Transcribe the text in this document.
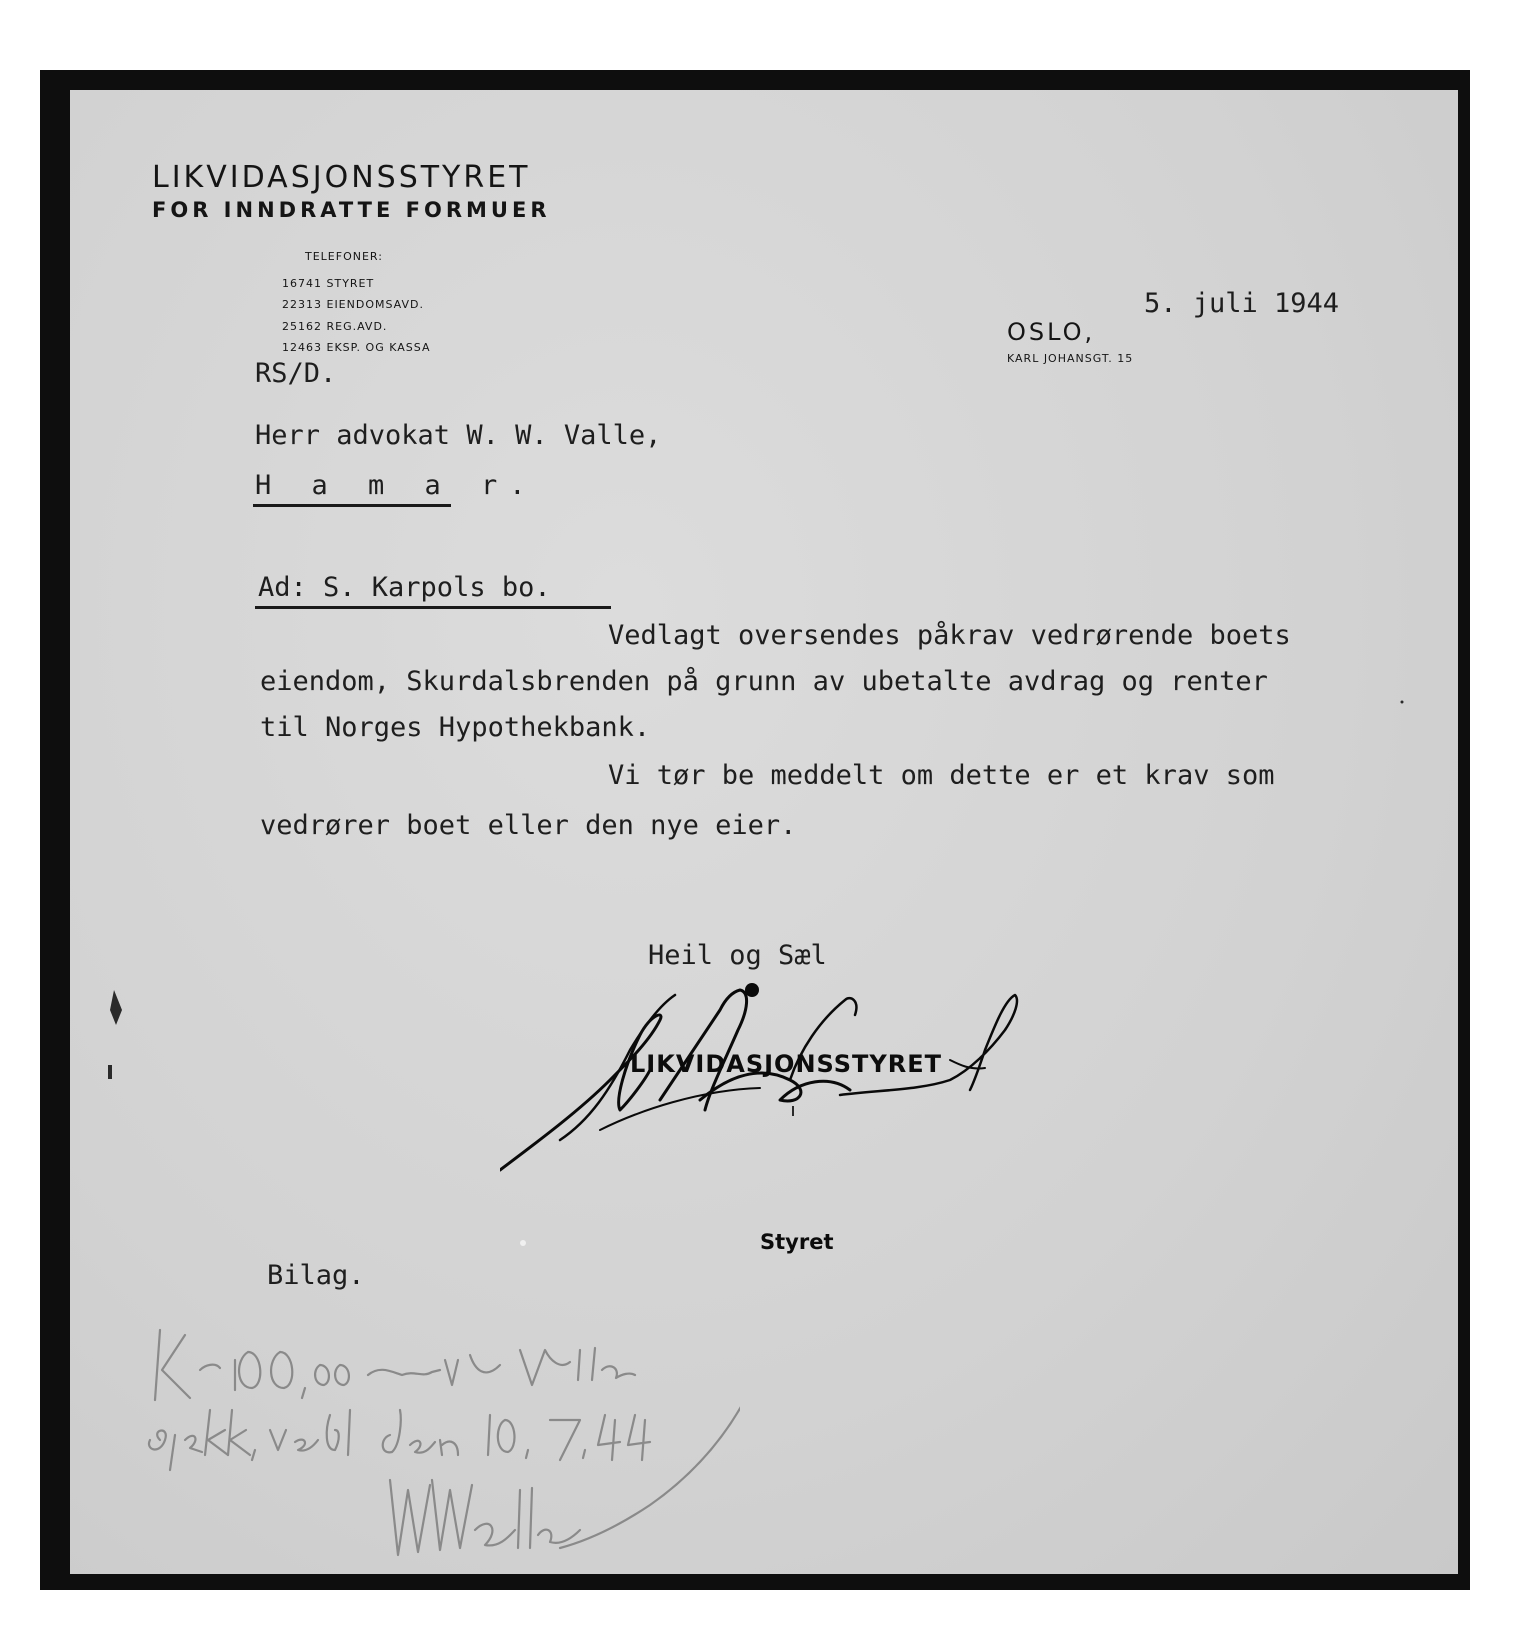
LIKVIDASJONSSTYRET
FOR INNDRATTE FORMUER
TELEFONER:
16741 STYRET
22313 EIENDOMSAVD.
25162 REG.AVD.
12463 EKSP. OG KASSA
OSLO,
KARL JOHANSGT. 15
5. juli 1944
RS/D.
Herr advokat W. W. Valle,
H a m a r.
Ad: S. Karpols bo.
Vedlagt oversendes påkrav vedrørende boets
eiendom, Skurdalsbrenden på grunn av ubetalte avdrag og renter
til Norges Hypothekbank.
Vi tør be meddelt om dette er et krav som
vedrører boet eller den nye eier.
Heil og Sæl
LIKVIDASJONSSTYRET
Styret
Bilag.
